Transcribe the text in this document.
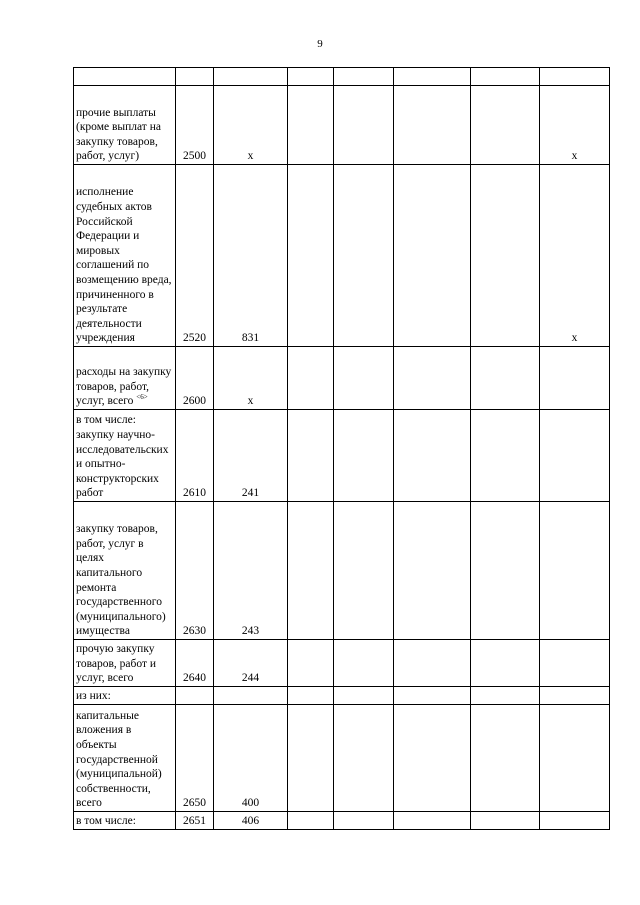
9

прочие выплаты (кроме выплат на закупку товаров, работ, услуг)	2500	x					x

исполнение судебных актов Российской Федерации и мировых соглашений по возмещению вреда, причиненного в результате деятельности учреждения	2520	831					x

расходы на закупку товаров, работ, услуг, всего $^{<6>}$	2600	x					

в том числе: закупку научно-исследовательских и опытно-конструкторских работ	2610	241					

закупку товаров, работ, услуг в целях капитального ремонта государственного (муниципального) имущества	2630	243					

прочую закупку товаров, работ и услуг, всего	2640	244					

из них:							

капитальные вложения в объекты государственной (муниципальной) собственности, всего	2650	400					

в том числе:	2651	406					
